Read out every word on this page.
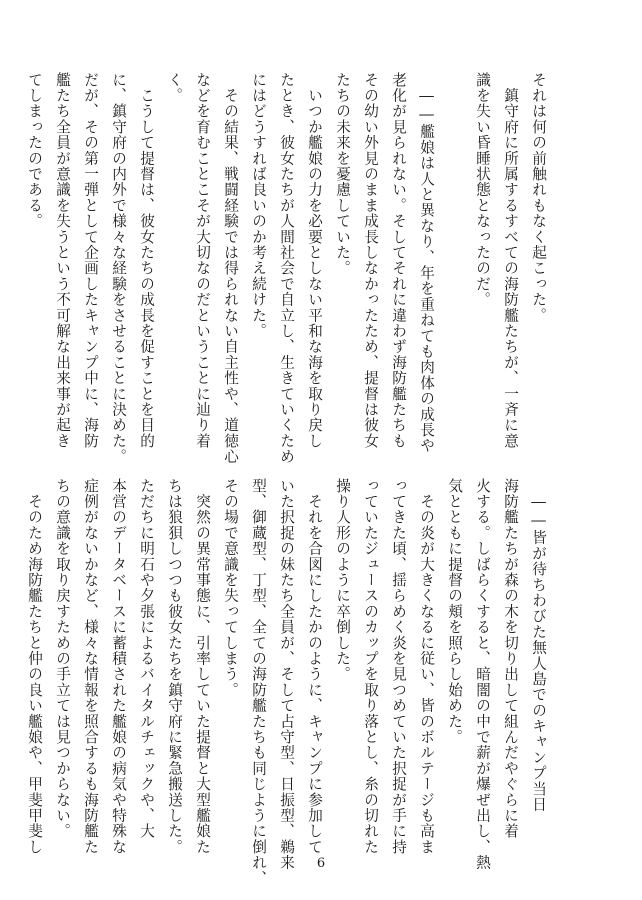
それは何の前触れもなく起こった。

　鎮守府に所属するすべての海防艦たちが、一斉に意

識を失い昏睡状態となったのだ。

　――艦娘は人と異なり、年を重ねても肉体の成長や

老化が見られない。そしてそれに違わず海防艦たちも

その幼い外見のまま成長しなかったため、提督は彼女

たちの未来を憂慮していた。

　いつか艦娘の力を必要としない平和な海を取り戻し

たとき、彼女たちが人間社会で自立し、生きていくため

にはどうすれば良いのか考え続けた。

　その結果、戦闘経験では得られない自主性や、道徳心

などを育むことこそが大切なのだということに辿り着

く。

　こうして提督は、彼女たちの成長を促すことを目的

に、鎮守府の内外で様々な経験をさせることに決めた。

だが、その第一弾として企画したキャンプ中に、海防

艦たち全員が意識を失うという不可解な出来事が起き

てしまったのである。

　――皆が待ちわびた無人島でのキャンプ当日

海防艦たちが森の木を切り出して組んだやぐらに着

火する。しばらくすると、暗闇の中で薪が爆ぜ出し、熱

気とともに提督の頬を照らし始めた。

　その炎が大きくなるに従い、皆のボルテージも高ま

ってきた頃、揺らめく炎を見つめていた択捉が手に持

っていたジュースのカップを取り落とし、糸の切れた

操り人形のように卒倒した。

　それを合図にしたかのように、キャンプに参加して

いた択捉の妹たち全員が、そして占守型、日振型、鵜来

型、御蔵型、丁型、全ての海防艦たちも同じように倒れ、

その場で意識を失ってしまう。

　突然の異常事態に、引率していた提督と大型艦娘た

ちは狼狽しつつも彼女たちを鎮守府に緊急搬送した。

ただちに明石や夕張によるバイタルチェックや、大

本営のデータベースに蓄積された艦娘の病気や特殊な

症例がないかなど、様々な情報を照合するも海防艦た

ちの意識を取り戻すための手立ては見つからない。

　そのため海防艦たちと仲の良い艦娘や、甲斐甲斐し

6
